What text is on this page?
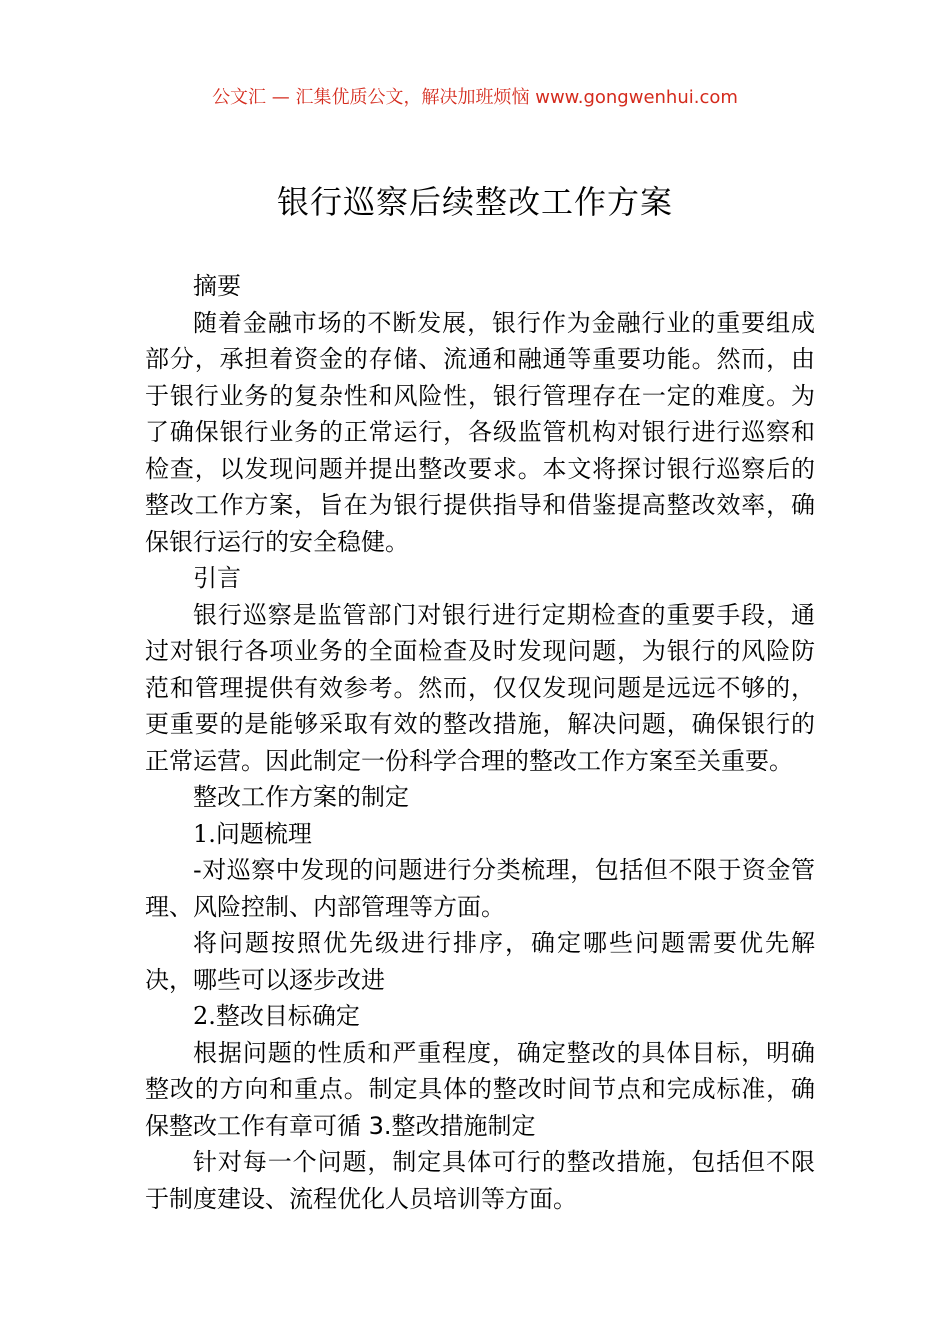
公文汇 — 汇集优质公文，解决加班烦恼 www.gongwenhui.com
银行巡察后续整改工作方案

摘要

随着金融市场的不断发展，银行作为金融行业的重要组成部分，承担着资金的存储、流通和融通等重要功能。然而，由于银行业务的复杂性和风险性，银行管理存在一定的难度。为了确保银行业务的正常运行，各级监管机构对银行进行巡察和检查，以发现问题并提出整改要求。本文将探讨银行巡察后的整改工作方案，旨在为银行提供指导和借鉴提高整改效率，确保银行运行的安全稳健。

引言

银行巡察是监管部门对银行进行定期检查的重要手段，通过对银行各项业务的全面检查及时发现问题，为银行的风险防范和管理提供有效参考。然而，仅仅发现问题是远远不够的，更重要的是能够采取有效的整改措施，解决问题，确保银行的正常运营。因此制定一份科学合理的整改工作方案至关重要。

整改工作方案的制定

1.问题梳理

-对巡察中发现的问题进行分类梳理，包括但不限于资金管理、风险控制、内部管理等方面。

将问题按照优先级进行排序，确定哪些问题需要优先解决，哪些可以逐步改进

2.整改目标确定

根据问题的性质和严重程度，确定整改的具体目标，明确整改的方向和重点。制定具体的整改时间节点和完成标准，确保整改工作有章可循 3.整改措施制定

针对每一个问题，制定具体可行的整改措施，包括但不限于制度建设、流程优化人员培训等方面。
